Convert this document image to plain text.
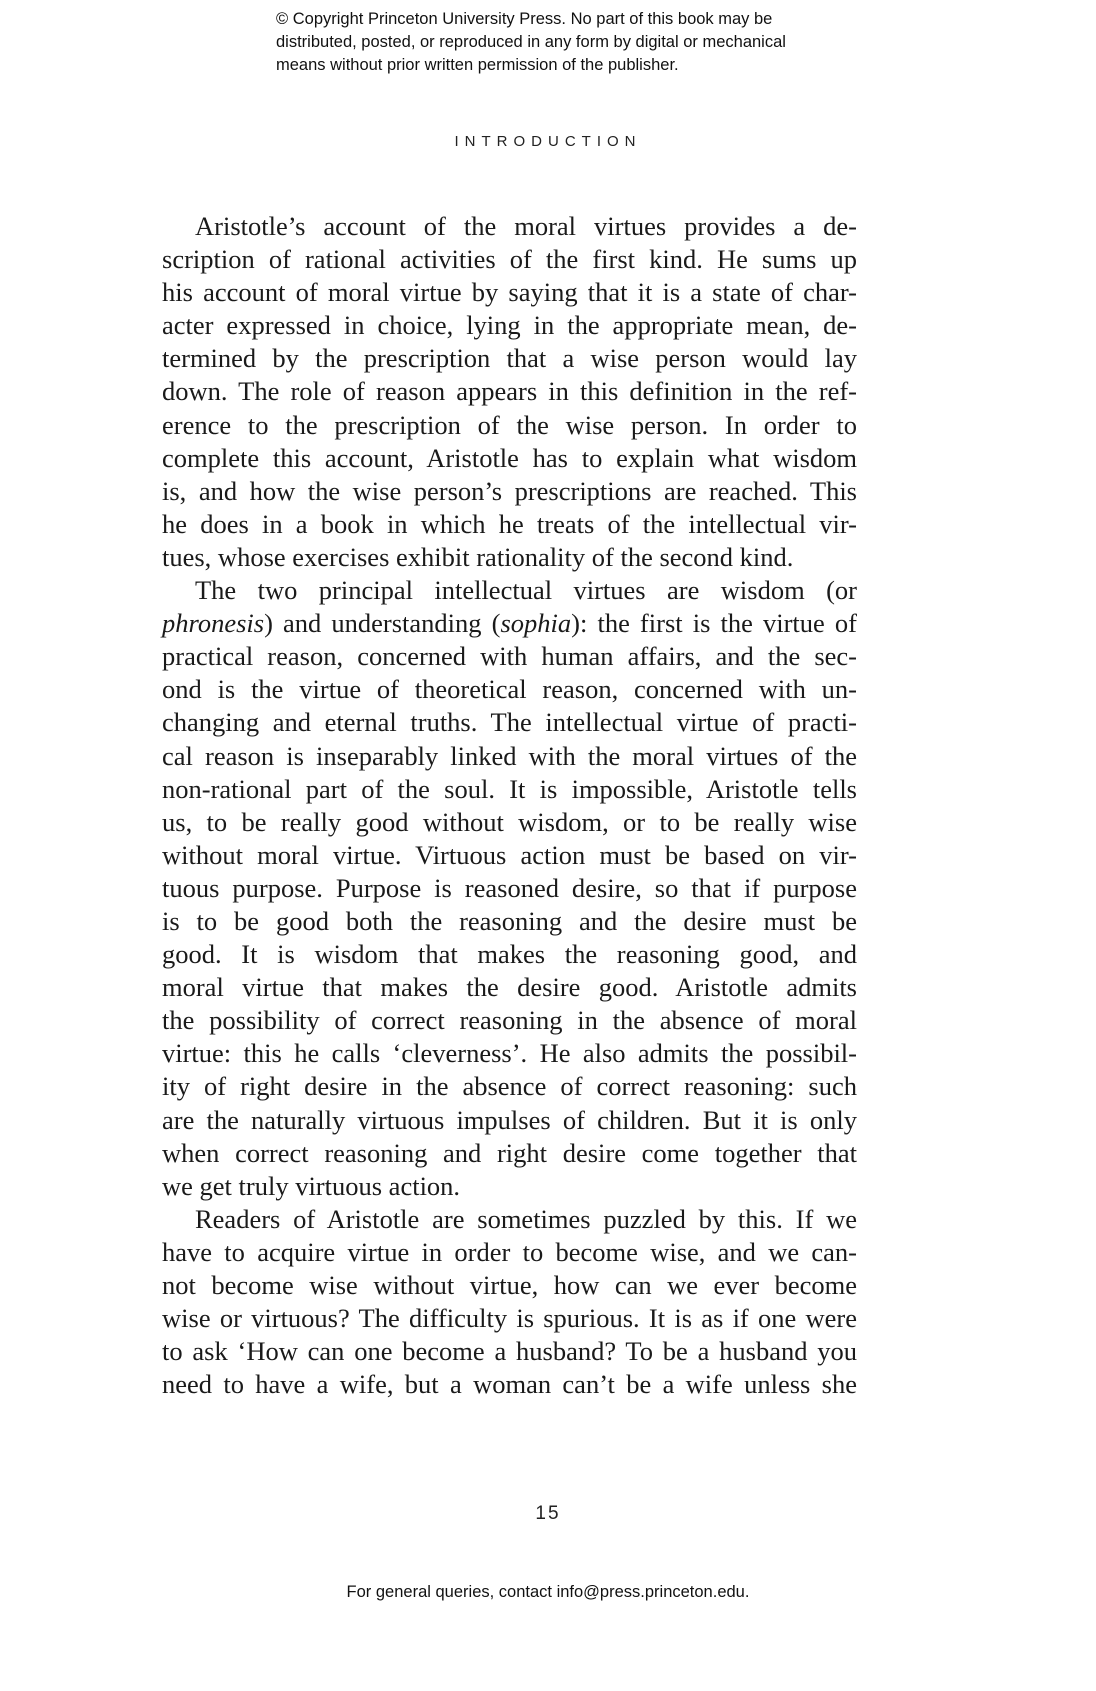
© Copyright Princeton University Press. No part of this book may be
distributed, posted, or reproduced in any form by digital or mechanical
means without prior written permission of the publisher.
INTRODUCTION
Aristotle’s account of the moral virtues provides a de-
scription of rational activities of the first kind. He sums up
his account of moral virtue by saying that it is a state of char-
acter expressed in choice, lying in the appropriate mean, de-
termined by the prescription that a wise person would lay
down. The role of reason appears in this definition in the ref-
erence to the prescription of the wise person. In order to
complete this account, Aristotle has to explain what wisdom
is, and how the wise person’s prescriptions are reached. This
he does in a book in which he treats of the intellectual vir-
tues, whose exercises exhibit rationality of the second kind.
The two principal intellectual virtues are wisdom (or
phronesis) and understanding (sophia): the first is the virtue of
practical reason, concerned with human affairs, and the sec-
ond is the virtue of theoretical reason, concerned with un-
changing and eternal truths. The intellectual virtue of practi-
cal reason is inseparably linked with the moral virtues of the
non-rational part of the soul. It is impossible, Aristotle tells
us, to be really good without wisdom, or to be really wise
without moral virtue. Virtuous action must be based on vir-
tuous purpose. Purpose is reasoned desire, so that if purpose
is to be good both the reasoning and the desire must be
good. It is wisdom that makes the reasoning good, and
moral virtue that makes the desire good. Aristotle admits
the possibility of correct reasoning in the absence of moral
virtue: this he calls ‘cleverness’. He also admits the possibil-
ity of right desire in the absence of correct reasoning: such
are the naturally virtuous impulses of children. But it is only
when correct reasoning and right desire come together that
we get truly virtuous action.
Readers of Aristotle are sometimes puzzled by this. If we
have to acquire virtue in order to become wise, and we can-
not become wise without virtue, how can we ever become
wise or virtuous? The difficulty is spurious. It is as if one were
to ask ‘How can one become a husband? To be a husband you
need to have a wife, but a woman can’t be a wife unless she
15
For general queries, contact info@press.princeton.edu.
